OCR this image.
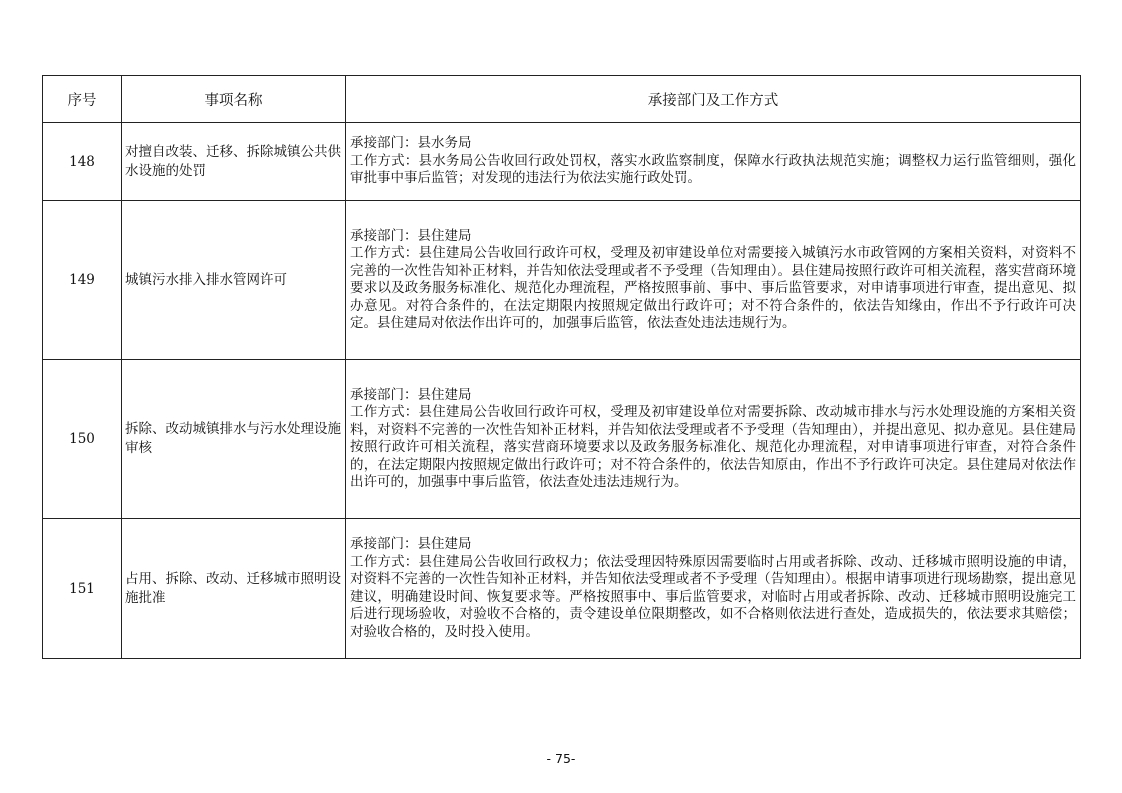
序号	事项名称	承接部门及工作方式
148	对擅自改装、迁移、拆除城镇公共供水设施的处罚	承接部门：县水务局
工作方式：县水务局公告收回行政处罚权，落实水政监察制度，保障水行政执法规范实施；调整权力运行监管细则，强化审批事中事后监管；对发现的违法行为依法实施行政处罚。

149	城镇污水排入排水管网许可	承接部门：县住建局
工作方式：县住建局公告收回行政许可权，受理及初审建设单位对需要接入城镇污水市政管网的方案相关资料，对资料不完善的一次性告知补正材料，并告知依法受理或者不予受理（告知理由）。县住建局按照行政许可相关流程，落实营商环境要求以及政务服务标准化、规范化办理流程，严格按照事前、事中、事后监管要求，对申请事项进行审查，提出意见、拟办意见。对符合条件的，在法定期限内按照规定做出行政许可；对不符合条件的，依法告知缘由，作出不予行政许可决定。县住建局对依法作出许可的，加强事后监管，依法查处违法违规行为。

150	拆除、改动城镇排水与污水处理设施审核	承接部门：县住建局
工作方式：县住建局公告收回行政许可权，受理及初审建设单位对需要拆除、改动城市排水与污水处理设施的方案相关资料，对资料不完善的一次性告知补正材料，并告知依法受理或者不予受理（告知理由），并提出意见、拟办意见。县住建局按照行政许可相关流程，落实营商环境要求以及政务服务标准化、规范化办理流程，对申请事项进行审查，对符合条件的，在法定期限内按照规定做出行政许可；对不符合条件的，依法告知原由，作出不予行政许可决定。县住建局对依法作出许可的，加强事中事后监管，依法查处违法违规行为。

151	占用、拆除、改动、迁移城市照明设施批准	承接部门：县住建局
工作方式：县住建局公告收回行政权力；依法受理因特殊原因需要临时占用或者拆除、改动、迁移城市照明设施的申请，对资料不完善的一次性告知补正材料，并告知依法受理或者不予受理（告知理由）。根据申请事项进行现场勘察，提出意见建议，明确建设时间、恢复要求等。严格按照事中、事后监管要求，对临时占用或者拆除、改动、迁移城市照明设施完工后进行现场验收，对验收不合格的，责令建设单位限期整改，如不合格则依法进行查处，造成损失的，依法要求其赔偿；对验收合格的，及时投入使用。
- 75-
